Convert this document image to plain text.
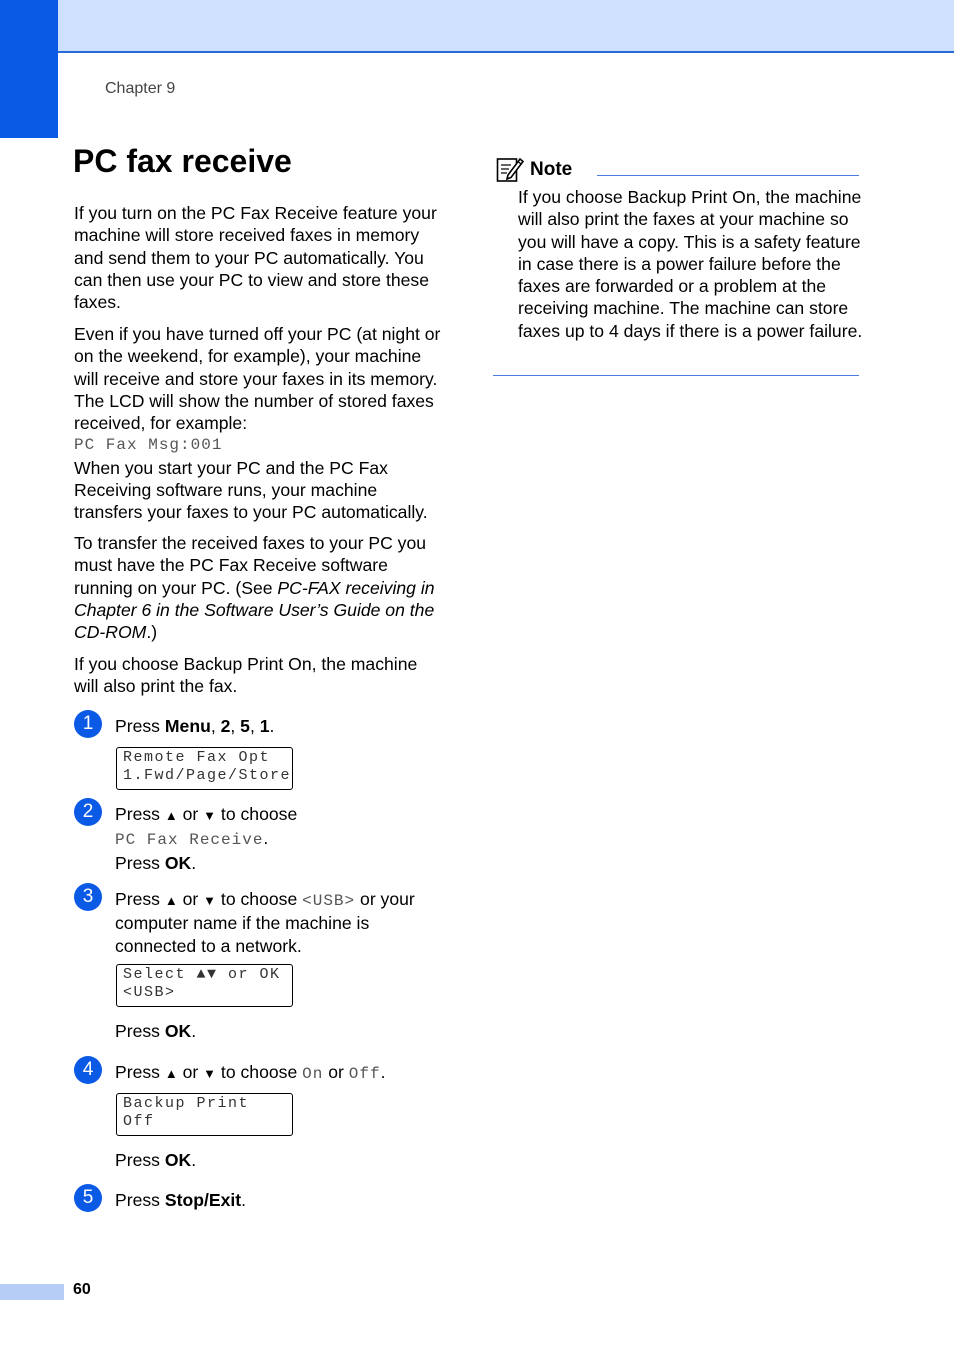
Chapter 9
PC fax receive

If you turn on the PC Fax Receive feature your machine will store received faxes in memory and send them to your PC automatically. You can then use your PC to view and store these faxes.

Even if you have turned off your PC (at night or on the weekend, for example), your machine will receive and store your faxes in its memory. The LCD will show the number of stored faxes received, for example:

PC Fax Msg:001

When you start your PC and the PC Fax Receiving software runs, your machine transfers your faxes to your PC automatically.

To transfer the received faxes to your PC you must have the PC Fax Receive software running on your PC. (See PC-FAX receiving in Chapter 6 in the Software User’s Guide on the CD-ROM.)

If you choose Backup Print On, the machine will also print the fax.

1	Press Menu, 2, 5, 1.
Remote Fax Opt
1.Fwd/Page/Store
2	Press ▲ or ▼ to choose
PC Fax Receive.
Press OK.
3	Press ▲ or ▼ to choose <USB> or your computer name if the machine is connected to a network.
Select ▲▼ or OK
<USB>
Press OK.
4	Press ▲ or ▼ to choose On or Off.
Backup Print
Off
Press OK.
5	Press Stop/Exit.
Note
If you choose Backup Print On, the machine will also print the faxes at your machine so you will have a copy. This is a safety feature in case there is a power failure before the faxes are forwarded or a problem at the receiving machine. The machine can store faxes up to 4 days if there is a power failure.
60
